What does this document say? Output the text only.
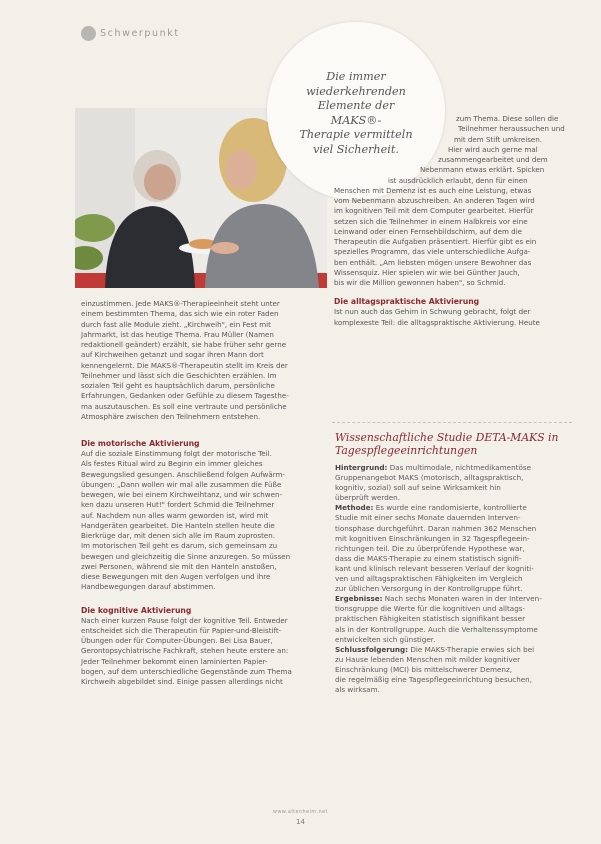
Schwerpunkt
Die immer
wiederkehrenden
Elemente der MAKS®-
Therapie vermitteln
viel Sicherheit.
zum Thema. Diese sollen die
Teilnehmer heraussuchen und
mit dem Stift umkreisen.
Hier wird auch gerne mal
zusammengearbeitet und dem
Nebenmann etwas erklärt. Spicken
ist ausdrücklich erlaubt, denn für einen
Menschen mit Demenz ist es auch eine Leistung, etwas
vom Nebenmann abzuschreiben. An anderen Tagen wird
im kognitiven Teil mit dem Computer gearbeitet. Hierfür
setzen sich die Teilnehmer in einem Halbkreis vor eine
Leinwand oder einen Fernsehbildschirm, auf dem die
Therapeutin die Aufgaben präsentiert. Hierfür gibt es ein
spezielles Programm, das viele unterschiedliche Aufga-
ben enthält. „Am liebsten mögen unsere Bewohner das
Wissensquiz. Hier spielen wir wie bei Günther Jauch,
bis wir die Million gewonnen haben", so Schmid.

Die alltagspraktische Aktivierung

Ist nun auch das Gehirn in Schwung gebracht, folgt der
komplexeste Teil: die alltagspraktische Aktivierung. Heute
einzustimmen. Jede MAKS®-Therapieeinheit steht unter
einem bestimmten Thema, das sich wie ein roter Faden
durch fast alle Module zieht. „Kirchweih", ein Fest mit
Jahrmarkt, ist das heutige Thema. Frau Müller (Namen
redaktionell geändert) erzählt, sie habe früher sehr gerne
auf Kirchweihen getanzt und sogar ihren Mann dort
kennengelernt. Die MAKS®-Therapeutin stellt im Kreis der
Teilnehmer und lässt sich die Geschichten erzählen. Im
sozialen Teil geht es hauptsächlich darum, persönliche
Erfahrungen, Gedanken oder Gefühle zu diesem Tagesthe-
ma auszutauschen. Es soll eine vertraute und persönliche
Atmosphäre zwischen den Teilnehmern entstehen.

Die motorische Aktivierung

Auf die soziale Einstimmung folgt der motorische Teil.
Als festes Ritual wird zu Beginn ein immer gleiches
Bewegungslied gesungen. Anschließend folgen Aufwärm-
übungen: „Dann wollen wir mal alle zusammen die Füße
bewegen, wie bei einem Kirchweihtanz, und wir schwen-
ken dazu unseren Hut!" fordert Schmid die Teilnehmer
auf. Nachdem nun alles warm geworden ist, wird mit
Handgeräten gearbeitet. Die Hanteln stellen heute die
Bierkrüge dar, mit denen sich alle im Raum zuprosten.
Im motorischen Teil geht es darum, sich gemeinsam zu
bewegen und gleichzeitig die Sinne anzuregen. So müssen
zwei Personen, während sie mit den Hanteln anstoßen,
diese Bewegungen mit den Augen verfolgen und ihre
Handbewegungen darauf abstimmen.

Die kognitive Aktivierung

Nach einer kurzen Pause folgt der kognitive Teil. Entweder
entscheidet sich die Therapeutin für Papier-und-Bleistift-
Übungen oder für Computer-Übungen. Bei Lisa Bauer,
Gerontopsychiatrische Fachkraft, stehen heute erstere an:
Jeder Teilnehmer bekommt einen laminierten Papier-
bogen, auf dem unterschiedliche Gegenstände zum Thema
Kirchweih abgebildet sind. Einige passen allerdings nicht
Wissenschaftliche Studie DETA-MAKS in
Tagespflegeeinrichtungen
Hintergrund: Das multimodale, nichtmedikamentöse
Gruppenangebot MAKS (motorisch, alltagspraktisch,
kognitiv, sozial) soll auf seine Wirksamkeit hin
überprüft werden.
Methode: Es wurde eine randomisierte, kontrollierte
Studie mit einer sechs Monate dauernden Interven-
tionsphase durchgeführt. Daran nahmen 362 Menschen
mit kognitiven Einschränkungen in 32 Tagespflegeein-
richtungen teil. Die zu überprüfende Hypothese war,
dass die MAKS-Therapie zu einem statistisch signifi-
kant und klinisch relevant besseren Verlauf der kogniti-
ven und alltagspraktischen Fähigkeiten im Vergleich
zur üblichen Versorgung in der Kontrollgruppe führt.
Ergebnisse: Nach sechs Monaten waren in der Interven-
tionsgruppe die Werte für die kognitiven und alltags-
praktischen Fähigkeiten statistisch signifikant besser
als in der Kontrollgruppe. Auch die Verhaltenssymptome
entwickelten sich günstiger.
Schlussfolgerung: Die MAKS-Therapie erwies sich bei
zu Hause lebenden Menschen mit milder kognitiver
Einschränkung (MCI) bis mittelschwerer Demenz,
die regelmäßig eine Tagespflegeeinrichtung besuchen,
als wirksam.
www.altenheim.net
14
